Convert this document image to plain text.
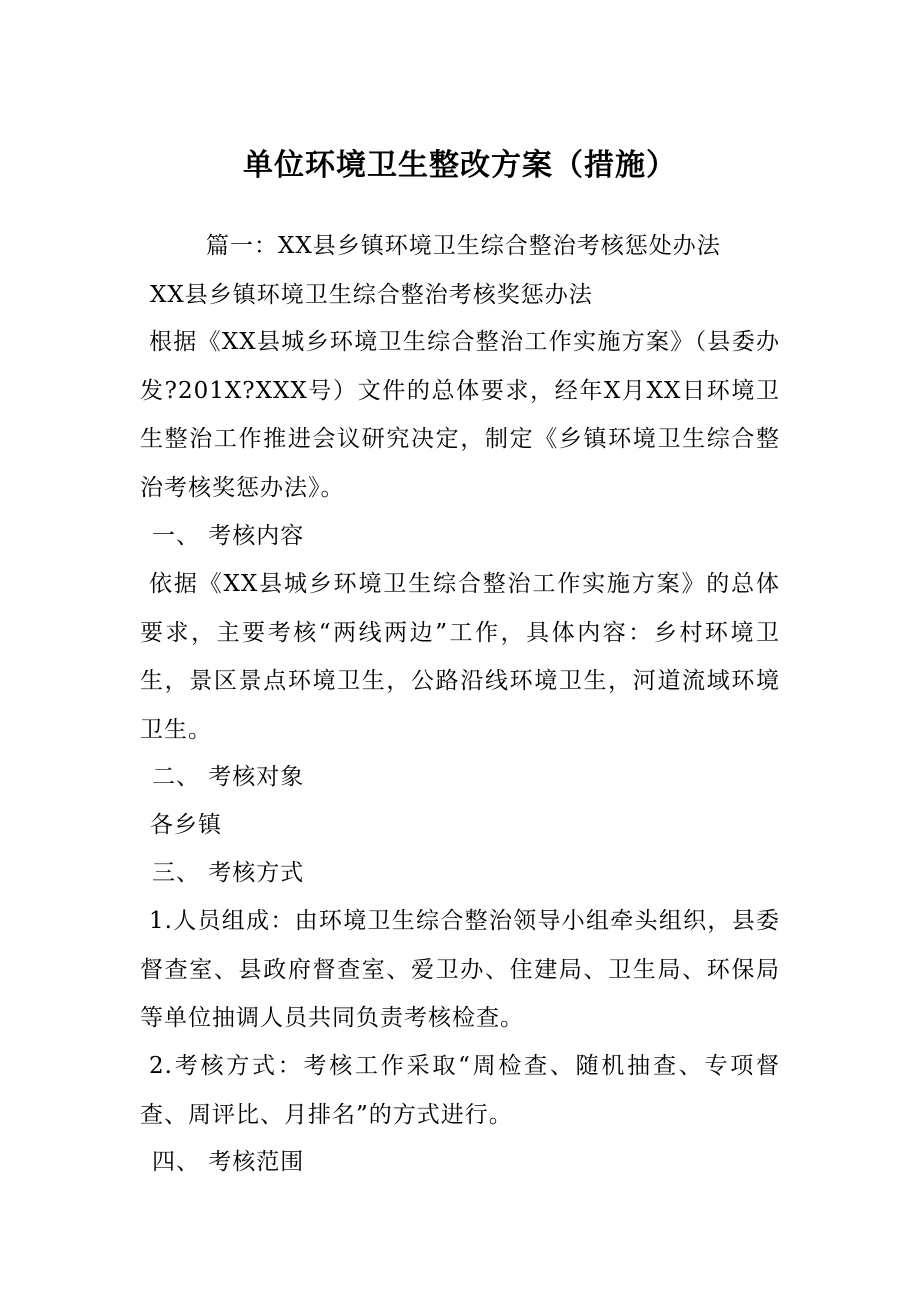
单位环境卫生整改方案（措施）
篇一：XX县乡镇环境卫生综合整治考核惩处办法
XX县乡镇环境卫生综合整治考核奖惩办法
根据《XX县城乡环境卫生综合整治工作实施方案》（县委办发?201X?XXX号）文件的总体要求，经年X月XX日环境卫生整治工作推进会议研究决定，制定《乡镇环境卫生综合整治考核奖惩办法》。
一、 考核内容
依据《XX县城乡环境卫生综合整治工作实施方案》的总体要求，主要考核“两线两边”工作，具体内容：乡村环境卫生，景区景点环境卫生，公路沿线环境卫生，河道流域环境卫生。
二、 考核对象
各乡镇
三、 考核方式
1.人员组成：由环境卫生综合整治领导小组牵头组织，县委督查室、县政府督查室、爱卫办、住建局、卫生局、环保局等单位抽调人员共同负责考核检查。
2.考核方式：考核工作采取“周检查、随机抽查、专项督查、周评比、月排名”的方式进行。
四、 考核范围
